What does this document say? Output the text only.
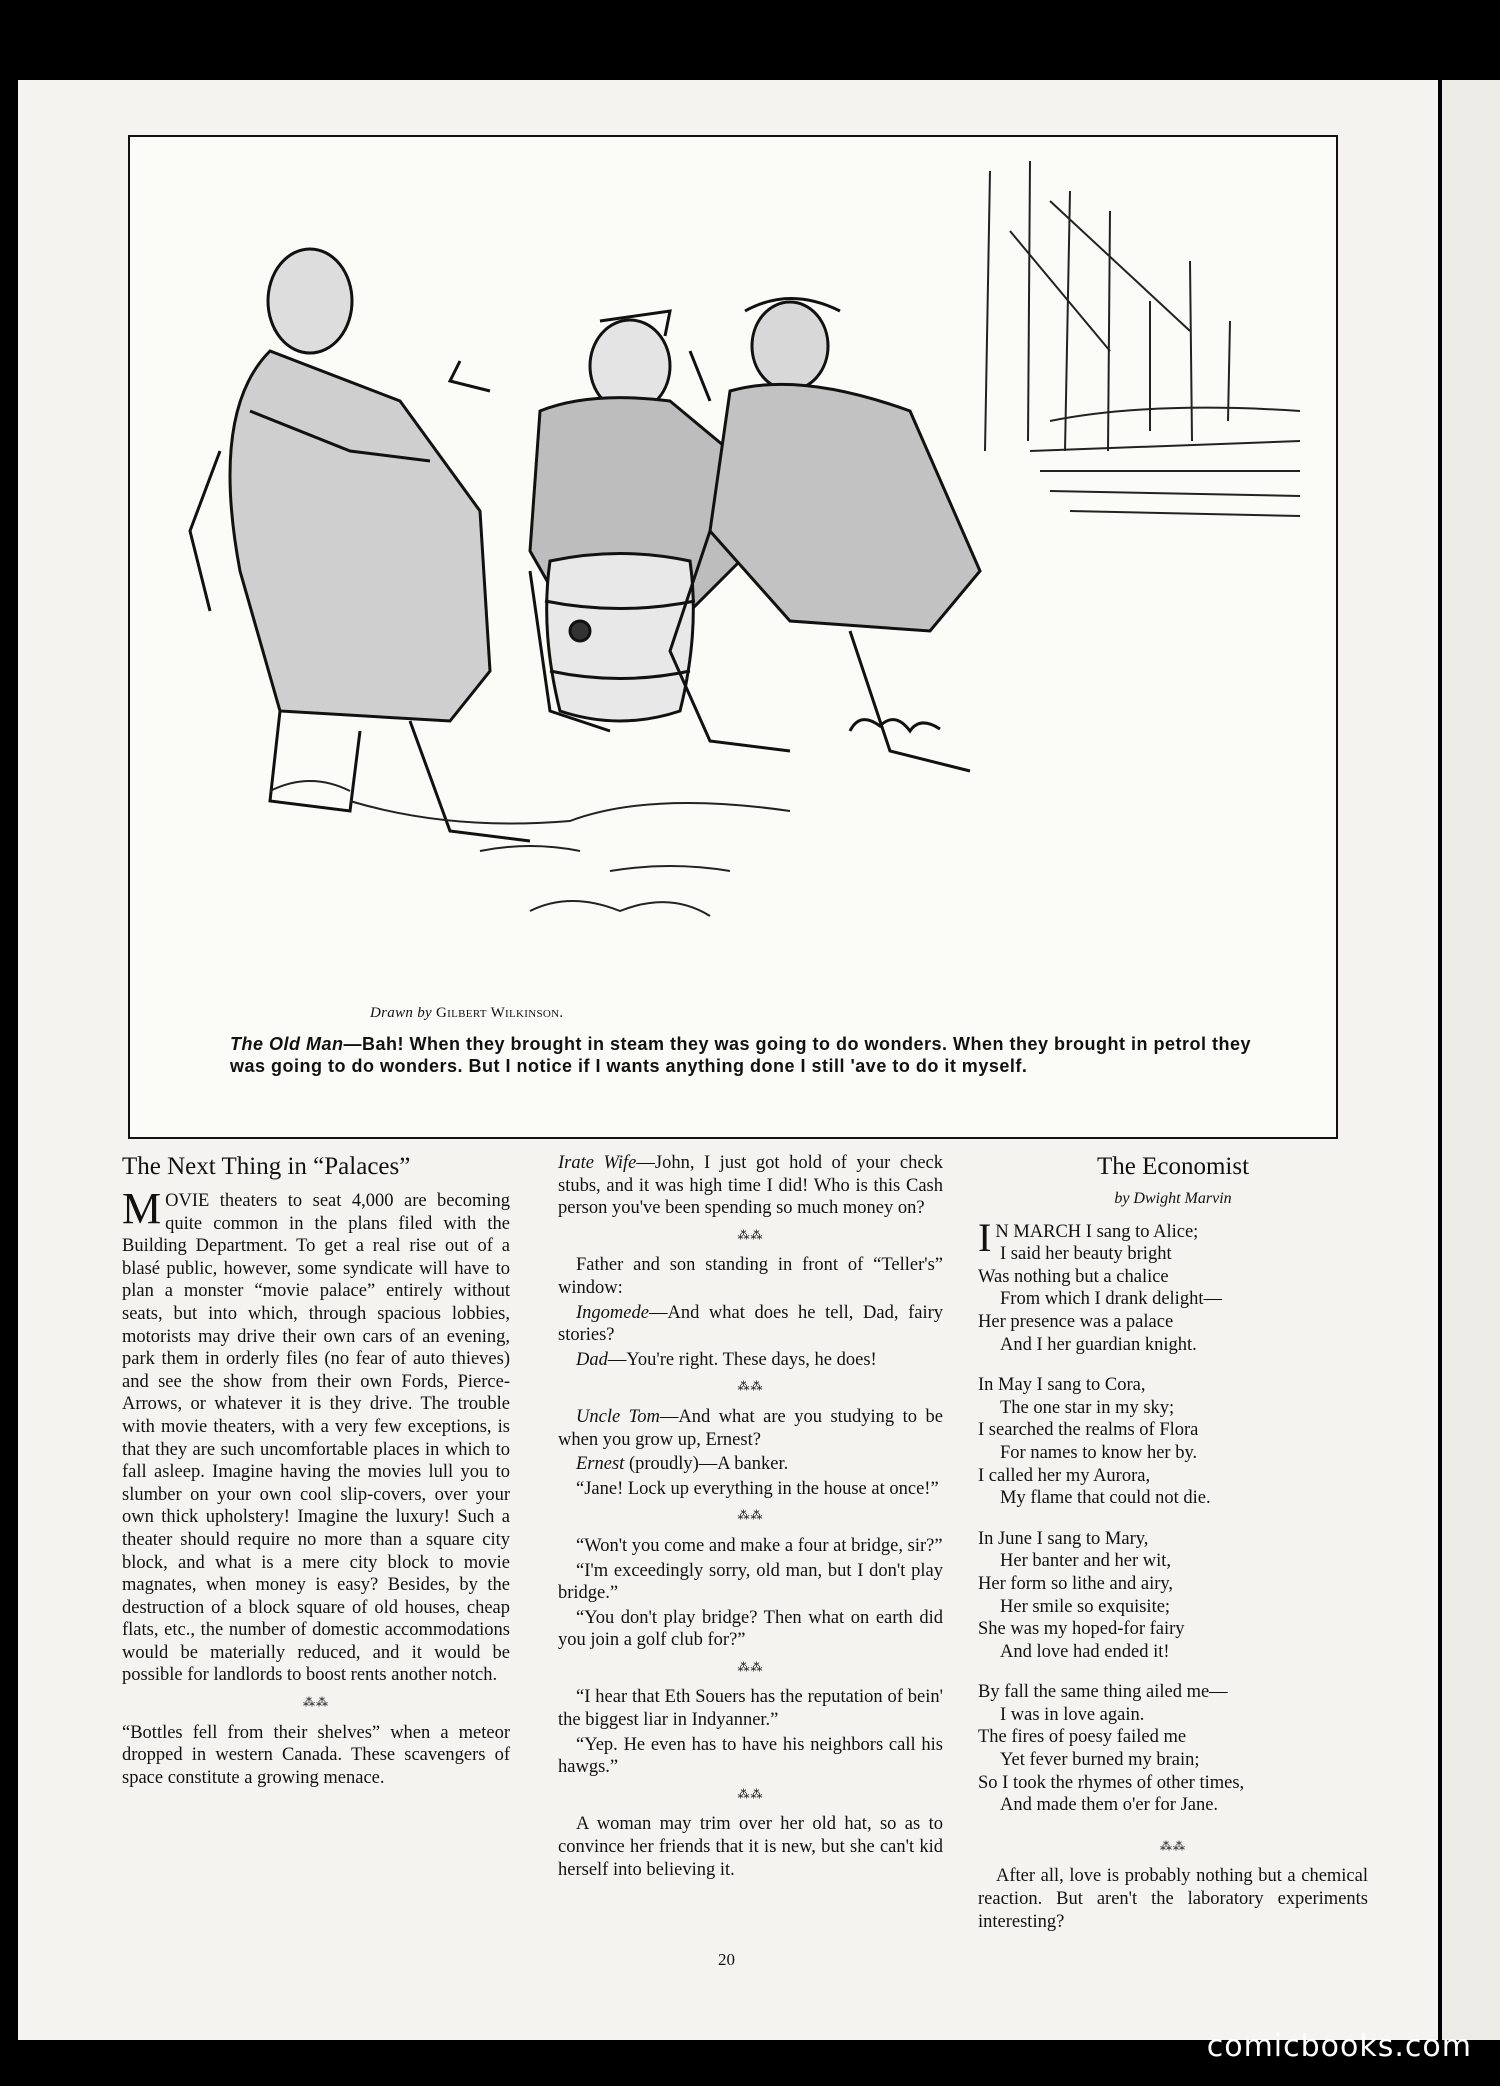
Drawn by Gilbert Wilkinson.
The Old Man—Bah! When they brought in steam they was going to do wonders. When they brought in petrol they was going to do wonders. But I notice if I wants anything done I still 'ave to do it myself.
The Next Thing in “Palaces”

MOVIE theaters to seat 4,000 are becoming quite common in the plans filed with the Building Department. To get a real rise out of a blasé public, however, some syndicate will have to plan a monster “movie palace” entirely without seats, but into which, through spacious lobbies, motorists may drive their own cars of an evening, park them in orderly files (no fear of auto thieves) and see the show from their own Fords, Pierce-Arrows, or whatever it is they drive. The trouble with movie theaters, with a very few exceptions, is that they are such uncomfortable places in which to fall asleep. Imagine having the movies lull you to slumber on your own cool slip-covers, over your own thick upholstery! Imagine the luxury! Such a theater should require no more than a square city block, and what is a mere city block to movie magnates, when money is easy? Besides, by the destruction of a block square of old houses, cheap flats, etc., the number of domestic accommodations would be materially reduced, and it would be possible for landlords to boost rents another notch.

⁂⁂

“Bottles fell from their shelves” when a meteor dropped in western Canada. These scavengers of space constitute a growing menace.

Irate Wife—John, I just got hold of your check stubs, and it was high time I did! Who is this Cash person you've been spending so much money on?

⁂⁂

Father and son standing in front of “Teller's” window:

Ingomede—And what does he tell, Dad, fairy stories?

Dad—You're right. These days, he does!

⁂⁂

Uncle Tom—And what are you studying to be when you grow up, Ernest?

Ernest (proudly)—A banker.

“Jane! Lock up everything in the house at once!”

⁂⁂

“Won't you come and make a four at bridge, sir?”

“I'm exceedingly sorry, old man, but I don't play bridge.”

“You don't play bridge? Then what on earth did you join a golf club for?”

⁂⁂

“I hear that Eth Souers has the reputation of bein' the biggest liar in Indyanner.”

“Yep. He even has to have his neighbors call his hawgs.”

⁂⁂

A woman may trim over her old hat, so as to convince her friends that it is new, but she can't kid herself into believing it.

The Economist
by Dwight Marvin

I N MARCH I sang to Alice;

I said her beauty bright

Was nothing but a chalice

From which I drank delight—

Her presence was a palace

And I her guardian knight.

In May I sang to Cora,

The one star in my sky;

I searched the realms of Flora

For names to know her by.

I called her my Aurora,

My flame that could not die.

In June I sang to Mary,

Her banter and her wit,

Her form so lithe and airy,

Her smile so exquisite;

She was my hoped-for fairy

And love had ended it!

By fall the same thing ailed me—

I was in love again.

The fires of poesy failed me

Yet fever burned my brain;

So I took the rhymes of other times,

And made them o'er for Jane.

⁂⁂

After all, love is probably nothing but a chemical reaction. But aren't the laboratory experiments interesting?

20
comicbooks.com
